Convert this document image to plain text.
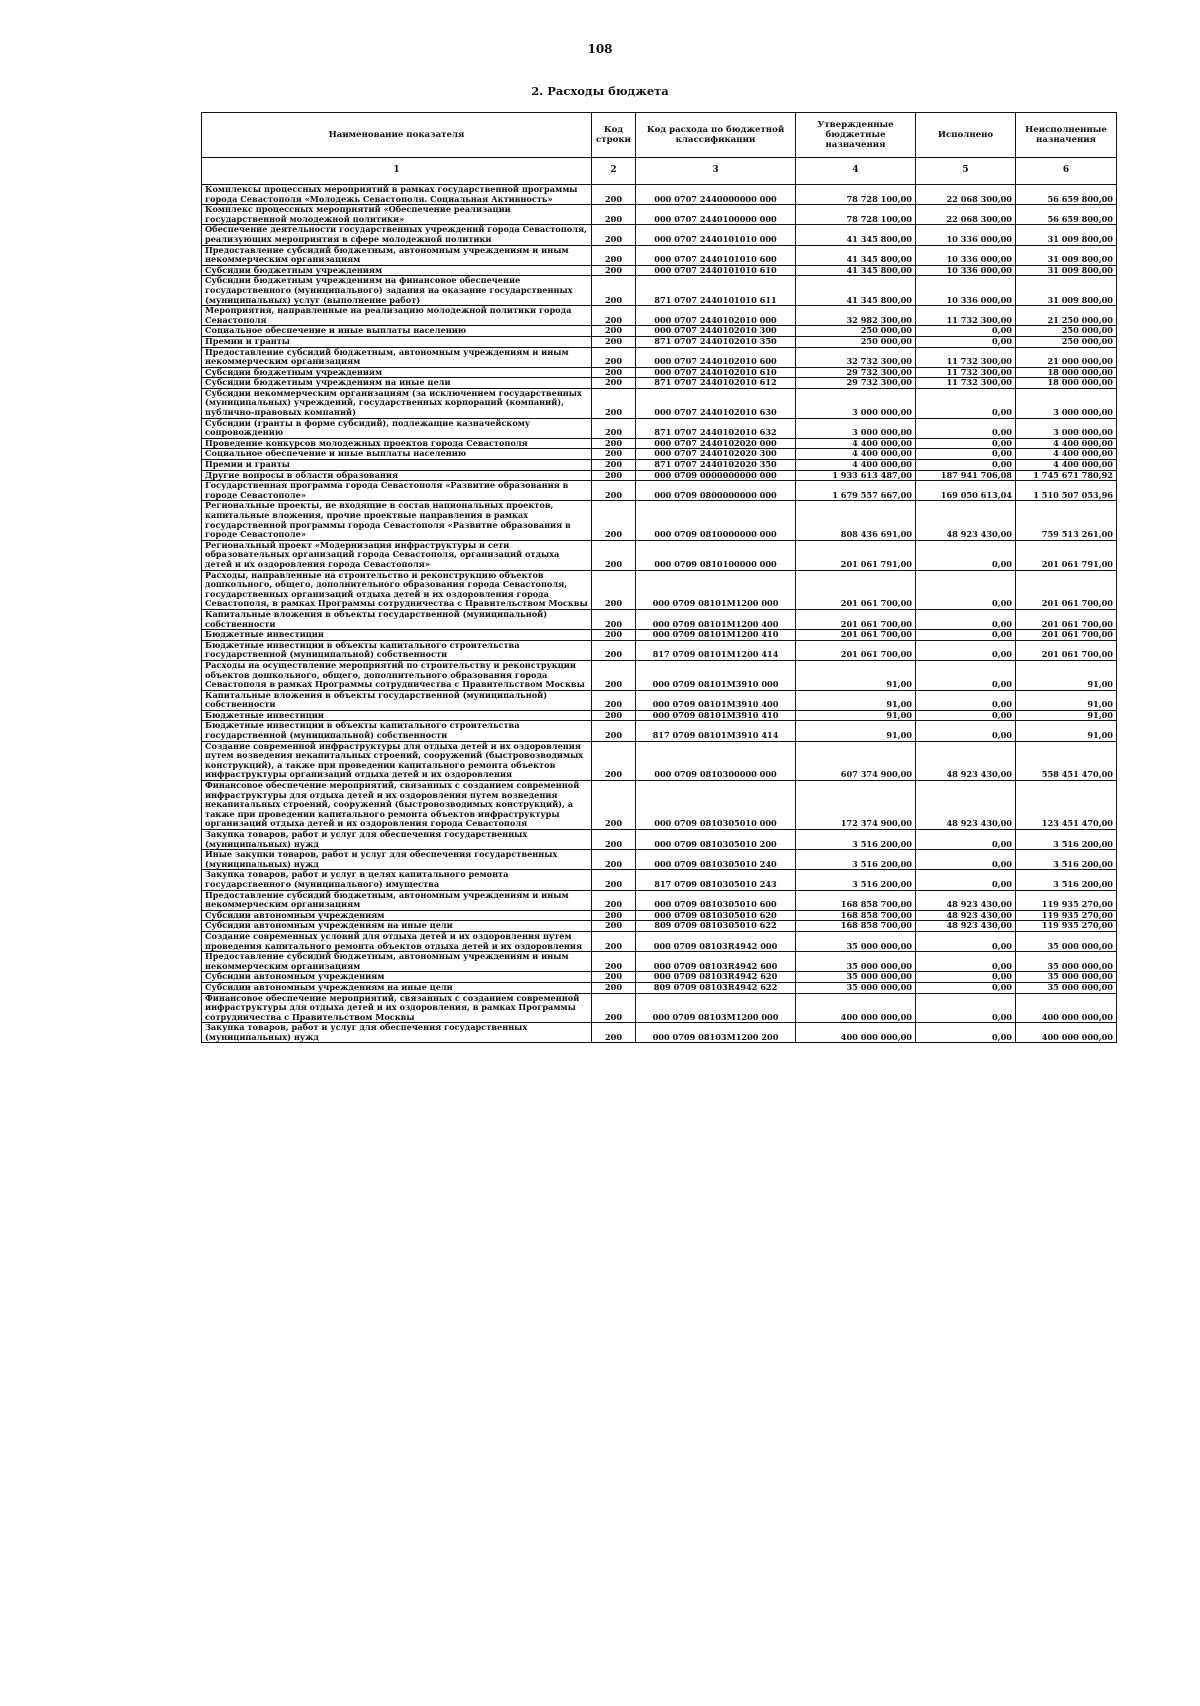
108
2. Расходы бюджета
Наименование показателя	Код строки	Код расхода по бюджетной классификации	Утвержденные бюджетные назначения	Исполнено	Неисполненные назначения
1	2	3	4	5	6
Комплексы процессных мероприятий в рамках государственной программы города Севастополя «Молодежь Севастополя. Социальная Активность»	200	000 0707 2440000000 000	78 728 100,00	22 068 300,00	56 659 800,00
Комплекс процессных мероприятий «Обеспечение реализации государственной молодежной политики»	200	000 0707 2440100000 000	78 728 100,00	22 068 300,00	56 659 800,00
Обеспечение деятельности государственных учреждений города Севастополя, реализующих мероприятия в сфере молодежной политики	200	000 0707 2440101010 000	41 345 800,00	10 336 000,00	31 009 800,00
Предоставление субсидий бюджетным, автономным учреждениям и иным некоммерческим организациям	200	000 0707 2440101010 600	41 345 800,00	10 336 000,00	31 009 800,00
Субсидии бюджетным учреждениям	200	000 0707 2440101010 610	41 345 800,00	10 336 000,00	31 009 800,00
Субсидии бюджетным учреждениям на финансовое обеспечение государственного (муниципального) задания на оказание государственных (муниципальных) услуг (выполнение работ)	200	871 0707 2440101010 611	41 345 800,00	10 336 000,00	31 009 800,00
Мероприятия, направленные на реализацию молодежной политики города Севастополя	200	000 0707 2440102010 000	32 982 300,00	11 732 300,00	21 250 000,00
Социальное обеспечение и иные выплаты населению	200	000 0707 2440102010 300	250 000,00	0,00	250 000,00
Премии и гранты	200	871 0707 2440102010 350	250 000,00	0,00	250 000,00
Предоставление субсидий бюджетным, автономным учреждениям и иным некоммерческим организациям	200	000 0707 2440102010 600	32 732 300,00	11 732 300,00	21 000 000,00
Субсидии бюджетным учреждениям	200	000 0707 2440102010 610	29 732 300,00	11 732 300,00	18 000 000,00
Субсидии бюджетным учреждениям на иные цели	200	871 0707 2440102010 612	29 732 300,00	11 732 300,00	18 000 000,00
Субсидии некоммерческим организациям (за исключением государственных (муниципальных) учреждений, государственных корпораций (компаний), публично-правовых компаний)	200	000 0707 2440102010 630	3 000 000,00	0,00	3 000 000,00
Субсидии (гранты в форме субсидий), подлежащие казначейскому сопровождению	200	871 0707 2440102010 632	3 000 000,00	0,00	3 000 000,00
Проведение конкурсов молодежных проектов города Севастополя	200	000 0707 2440102020 000	4 400 000,00	0,00	4 400 000,00
Социальное обеспечение и иные выплаты населению	200	000 0707 2440102020 300	4 400 000,00	0,00	4 400 000,00
Премии и гранты	200	871 0707 2440102020 350	4 400 000,00	0,00	4 400 000,00
Другие вопросы в области образования	200	000 0709 0000000000 000	1 933 613 487,00	187 941 706,08	1 745 671 780,92
Государственная программа города Севастополя «Развитие образования в городе Севастополе»	200	000 0709 0800000000 000	1 679 557 667,00	169 050 613,04	1 510 507 053,96
Региональные проекты, не входящие в состав национальных проектов, капитальные вложения, прочие проектные направления в рамках государственной программы города Севастополя «Развитие образования в городе Севастополе»	200	000 0709 0810000000 000	808 436 691,00	48 923 430,00	759 513 261,00
Региональный проект «Модернизация инфраструктуры и сети образовательных организаций города Севастополя, организаций отдыха детей и их оздоровления города Севастополя»	200	000 0709 0810100000 000	201 061 791,00	0,00	201 061 791,00
Расходы, направленные на строительство и реконструкцию объектов дошкольного, общего, дополнительного образования города Севастополя, государственных организаций отдыха детей и их оздоровления города Севастополя, в рамках Программы сотрудничества с Правительством Москвы	200	000 0709 08101M1200 000	201 061 700,00	0,00	201 061 700,00
Капитальные вложения в объекты государственной (муниципальной) собственности	200	000 0709 08101M1200 400	201 061 700,00	0,00	201 061 700,00
Бюджетные инвестиции	200	000 0709 08101M1200 410	201 061 700,00	0,00	201 061 700,00
Бюджетные инвестиции в объекты капитального строительства государственной (муниципальной) собственности	200	817 0709 08101M1200 414	201 061 700,00	0,00	201 061 700,00
Расходы на осуществление мероприятий по строительству и реконструкции объектов дошкольного, общего, дополнительного образования города Севастополя в рамках Программы сотрудничества с Правительством Москвы	200	000 0709 08101M3910 000	91,00	0,00	91,00
Капитальные вложения в объекты государственной (муниципальной) собственности	200	000 0709 08101M3910 400	91,00	0,00	91,00
Бюджетные инвестиции	200	000 0709 08101M3910 410	91,00	0,00	91,00
Бюджетные инвестиции в объекты капитального строительства государственной (муниципальной) собственности	200	817 0709 08101M3910 414	91,00	0,00	91,00
Создание современной инфраструктуры для отдыха детей и их оздоровления путем возведения некапитальных строений, сооружений (быстровозводимых конструкций), а также при проведении капитального ремонта объектов инфраструктуры организаций отдыха детей и их оздоровления	200	000 0709 0810300000 000	607 374 900,00	48 923 430,00	558 451 470,00
Финансовое обеспечение мероприятий, связанных с созданием современной инфраструктуры для отдыха детей и их оздоровления путем возведения некапитальных строений, сооружений (быстровозводимых конструкций), а также при проведении капитального ремонта объектов инфраструктуры организаций отдыха детей и их оздоровления города Севастополя	200	000 0709 0810305010 000	172 374 900,00	48 923 430,00	123 451 470,00
Закупка товаров, работ и услуг для обеспечения государственных (муниципальных) нужд	200	000 0709 0810305010 200	3 516 200,00	0,00	3 516 200,00
Иные закупки товаров, работ и услуг для обеспечения государственных (муниципальных) нужд	200	000 0709 0810305010 240	3 516 200,00	0,00	3 516 200,00
Закупка товаров, работ и услуг в целях капитального ремонта государственного (муниципального) имущества	200	817 0709 0810305010 243	3 516 200,00	0,00	3 516 200,00
Предоставление субсидий бюджетным, автономным учреждениям и иным некоммерческим организациям	200	000 0709 0810305010 600	168 858 700,00	48 923 430,00	119 935 270,00
Субсидии автономным учреждениям	200	000 0709 0810305010 620	168 858 700,00	48 923 430,00	119 935 270,00
Субсидии автономным учреждениям на иные цели	200	809 0709 0810305010 622	168 858 700,00	48 923 430,00	119 935 270,00
Создание современных условий для отдыха детей и их оздоровления путем проведения капитального ремонта объектов отдыха детей и их оздоровления	200	000 0709 08103R4942 000	35 000 000,00	0,00	35 000 000,00
Предоставление субсидий бюджетным, автономным учреждениям и иным некоммерческим организациям	200	000 0709 08103R4942 600	35 000 000,00	0,00	35 000 000,00
Субсидии автономным учреждениям	200	000 0709 08103R4942 620	35 000 000,00	0,00	35 000 000,00
Субсидии автономным учреждениям на иные цели	200	809 0709 08103R4942 622	35 000 000,00	0,00	35 000 000,00
Финансовое обеспечение мероприятий, связанных с созданием современной инфраструктуры для отдыха детей и их оздоровления, в рамках Программы сотрудничества с Правительством Москвы	200	000 0709 08103M1200 000	400 000 000,00	0,00	400 000 000,00
Закупка товаров, работ и услуг для обеспечения государственных (муниципальных) нужд	200	000 0709 08103M1200 200	400 000 000,00	0,00	400 000 000,00
